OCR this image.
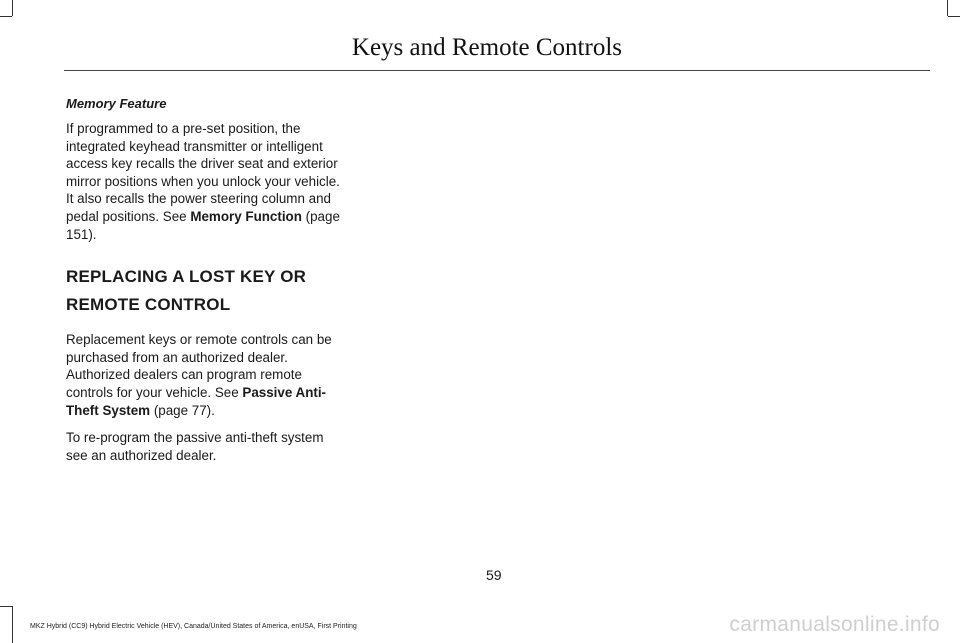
Keys and Remote Controls
Memory Feature

If programmed to a pre-set position, the integrated keyhead transmitter or intelligent access key recalls the driver seat and exterior mirror positions when you unlock your vehicle. It also recalls the power steering column and pedal positions. See Memory Function (page 151).

REPLACING A LOST KEY OR
REMOTE CONTROL

Replacement keys or remote controls can be purchased from an authorized dealer. Authorized dealers can program remote controls for your vehicle. See Passive Anti-Theft System (page 77).

To re-program the passive anti-theft system see an authorized dealer.

59
MKZ Hybrid (CC9) Hybrid Electric Vehicle (HEV), Canada/United States of America, enUSA, First Printing	carmanualsonline.info
